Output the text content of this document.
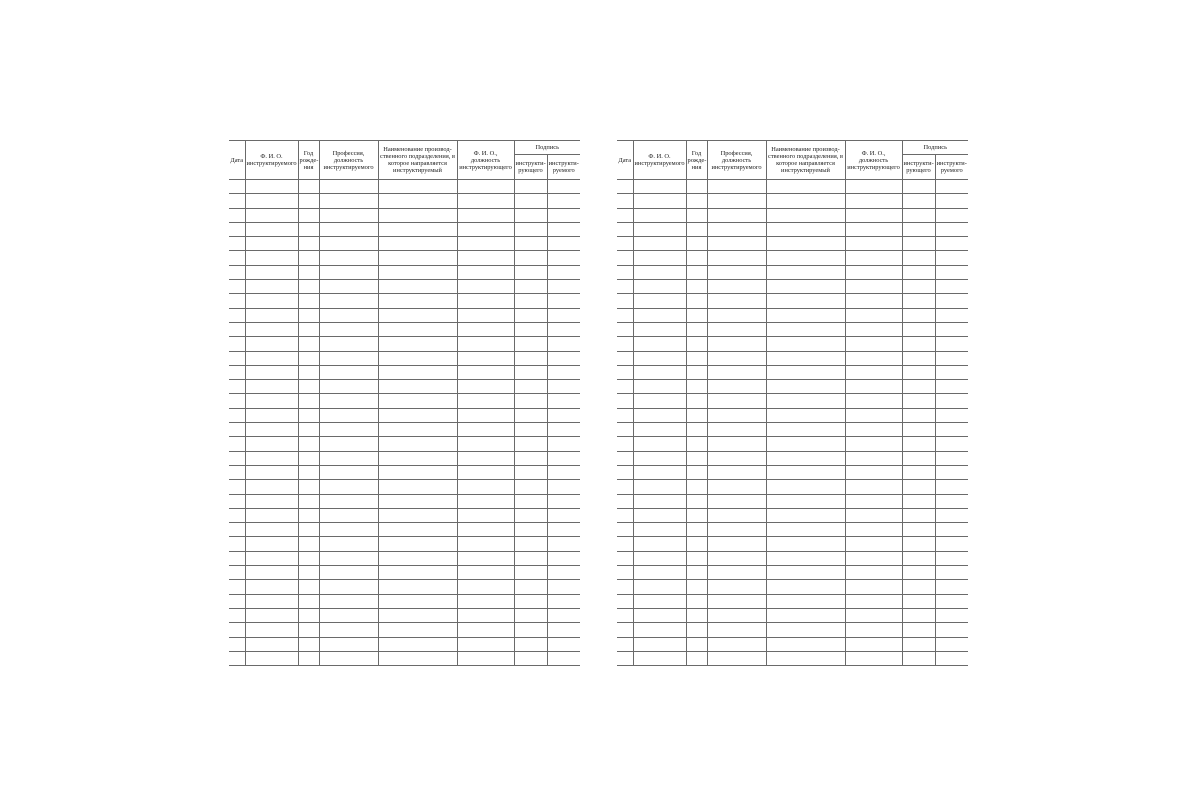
Дата	Ф. И. О. инструктируемого	Год рожде-ния	Профессия, должность инструктируемого	Наименование производ-ственного подразделения, в которое направляется инструктируемый	Ф. И. О., должность инструктирующего	Подпись	

						инструкти-рующего	инструкти-руемого

Дата	Ф. И. О. инструктируемого	Год рожде-ния	Профессия, должность инструктируемого	Наименование производ-ственного подразделения, в которое направляется инструктируемый	Ф. И. О., должность инструктирующего	Подпись	

						инструкти-рующего	инструкти-руемого
